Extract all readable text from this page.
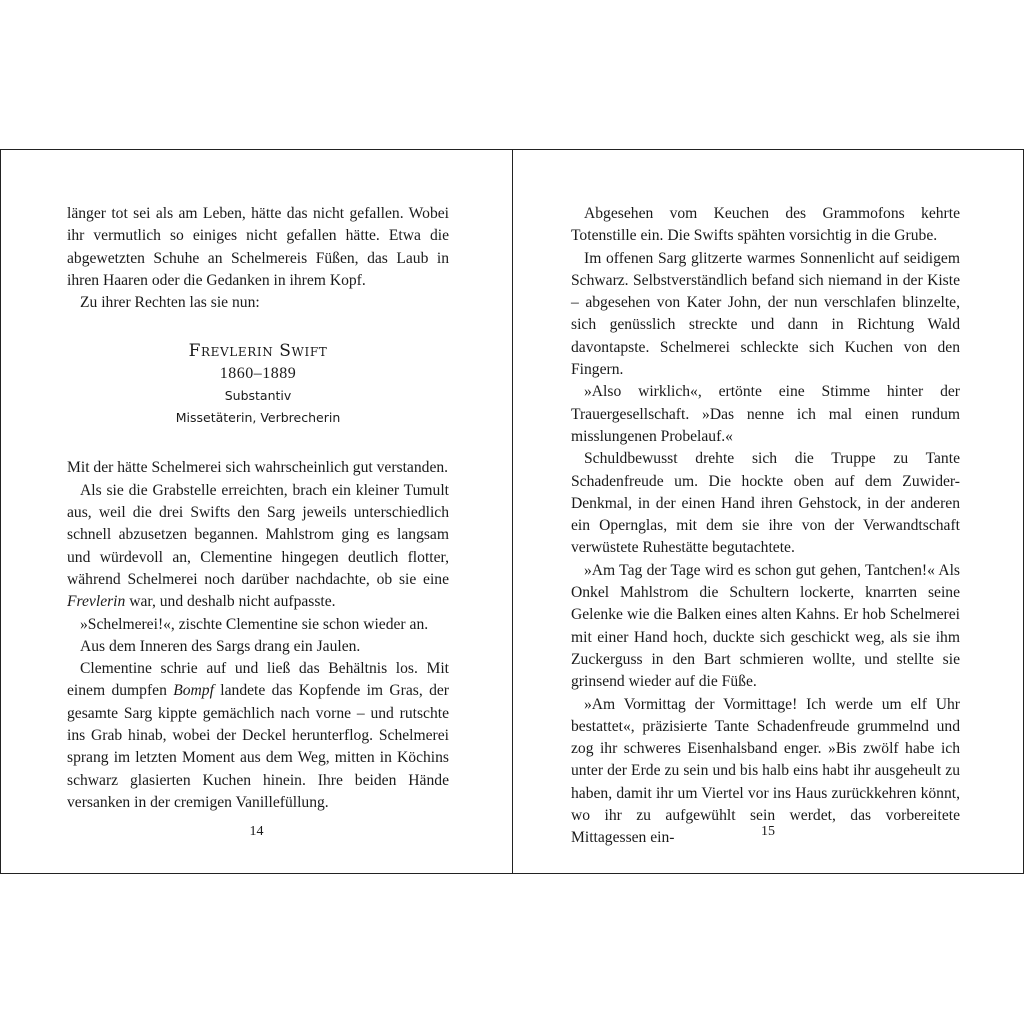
länger tot sei als am Leben, hätte das nicht gefallen. Wobei ihr vermutlich so einiges nicht gefallen hätte. Etwa die abgewetzten Schuhe an Schelmereis Füßen, das Laub in ihren Haaren oder die Gedanken in ihrem Kopf.

Zu ihrer Rechten las sie nun:

Frevlerin Swift
1860–1889
Substantiv
Missetäterin, Verbrecherin

Mit der hätte Schelmerei sich wahrscheinlich gut verstanden.

Als sie die Grabstelle erreichten, brach ein kleiner Tumult aus, weil die drei Swifts den Sarg jeweils unterschiedlich schnell abzusetzen begannen. Mahlstrom ging es langsam und würdevoll an, Clementine hingegen deutlich flotter, während Schelmerei noch darüber nachdachte, ob sie eine Frevlerin war, und deshalb nicht aufpasste.

»Schelmerei!«, zischte Clementine sie schon wieder an.

Aus dem Inneren des Sargs drang ein Jaulen.

Clementine schrie auf und ließ das Behältnis los. Mit einem dumpfen Bompf landete das Kopfende im Gras, der gesamte Sarg kippte gemächlich nach vorne – und rutschte ins Grab hinab, wobei der Deckel herunterflog. Schelmerei sprang im letzten Moment aus dem Weg, mitten in Köchins schwarz glasierten Kuchen hinein. Ihre beiden Hände versanken in der cremigen Vanillefüllung.

14

Abgesehen vom Keuchen des Grammofons kehrte Totenstille ein. Die Swifts spähten vorsichtig in die Grube.

Im offenen Sarg glitzerte warmes Sonnenlicht auf seidigem Schwarz. Selbstverständlich befand sich niemand in der Kiste – abgesehen von Kater John, der nun verschlafen blinzelte, sich genüsslich streckte und dann in Richtung Wald davontapste. Schelmerei schleckte sich Kuchen von den Fingern.

»Also wirklich«, ertönte eine Stimme hinter der Trauergesellschaft. »Das nenne ich mal einen rundum misslungenen Probelauf.«

Schuldbewusst drehte sich die Truppe zu Tante Schadenfreude um. Die hockte oben auf dem Zuwider-Denkmal, in der einen Hand ihren Gehstock, in der anderen ein Opernglas, mit dem sie ihre von der Verwandtschaft verwüstete Ruhestätte begutachtete.

»Am Tag der Tage wird es schon gut gehen, Tantchen!« Als Onkel Mahlstrom die Schultern lockerte, knarrten seine Gelenke wie die Balken eines alten Kahns. Er hob Schelmerei mit einer Hand hoch, duckte sich geschickt weg, als sie ihm Zuckerguss in den Bart schmieren wollte, und stellte sie grinsend wieder auf die Füße.

»Am Vormittag der Vormittage! Ich werde um elf Uhr bestattet«, präzisierte Tante Schadenfreude grummelnd und zog ihr schweres Eisenhalsband enger. »Bis zwölf habe ich unter der Erde zu sein und bis halb eins habt ihr ausgeheult zu haben, damit ihr um Viertel vor ins Haus zurückkehren könnt, wo ihr zu aufgewühlt sein werdet, das vorbereitete Mittagessen ein-	15
